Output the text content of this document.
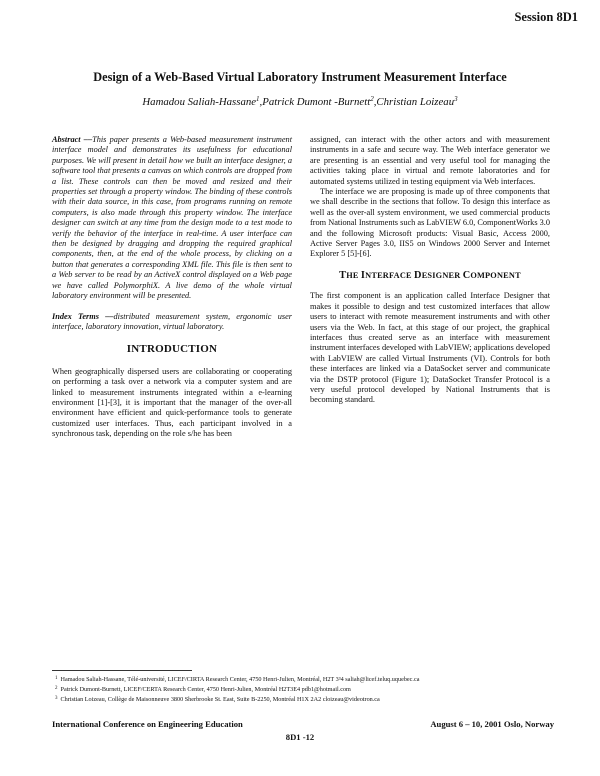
Session 8D1
Design of a Web-Based Virtual Laboratory Instrument Measurement Interface
Hamadou Saliah-Hassane$^1$,Patrick Dumont -Burnett$^2$,Christian Loizeau$^3$

Abstract ––This paper presents a Web-based measurement instrument interface model and demonstrates its usefulness for educational purposes. We will present in detail how we built an interface designer, a software tool that presents a canvas on which controls are dropped from a list. These controls can then be moved and resized and their properties set through a property window. The binding of these controls with their data source, in this case, from programs running on remote computers, is also made through this property window. The interface designer can switch at any time from the design mode to a test mode to verify the behavior of the interface in real-time. A user interface can then be designed by dragging and dropping the required graphical components, then, at the end of the whole process, by clicking on a button that generates a corresponding XML file. This file is then sent to a Web server to be read by an ActiveX control displayed on a Web page we have called PolymorphiX. A live demo of the whole virtual laboratory environment will be presented.

Index Terms ––distributed measurement system, ergonomic user interface, laboratory innovation, virtual laboratory.

INTRODUCTION

When geographically dispersed users are collaborating or cooperating on performing a task over a network via a computer system and are linked to measurement instruments integrated within a e-learning environment [1]-[3], it is important that the manager of the over-all environment have efficient and quick-performance tools to generate customized user interfaces. Thus, each participant involved in a synchronous task, depending on the role s/he has been

assigned, can interact with the other actors and with measurement instruments in a safe and secure way. The Web interface generator we are presenting is an essential and very useful tool for managing the activities taking place in virtual and remote laboratories and for automated systems utilized in testing equipment via Web interfaces.

The interface we are proposing is made up of three components that we shall describe in the sections that follow. To design this interface as well as the over-all system environment, we used commercial products from National Instruments such as LabVIEW 6.0, ComponentWorks 3.0 and the following Microsoft products: Visual Basic, Access 2000, Active Server Pages 3.0, IIS5 on Windows 2000 Server and Internet Explorer 5 [5]-[6].

THE INTERFACE DESIGNER COMPONENT

The first component is an application called Interface Designer that makes it possible to design and test customized interfaces that allow users to interact with remote measurement instruments and with other users via the Web. In fact, at this stage of our project, the graphical interfaces thus created serve as an interface with measurement instrument interfaces developed with LabVIEW; applications developed with LabVIEW are called Virtual Instruments (VI). Controls for both these interfaces are linked via a DataSocket server and communicate via the DSTP protocol (Figure 1); DataSocket Transfer Protocol is a very useful protocol developed by National Instruments that is becoming standard.

$^1$ Hamadou Saliah-Hassane, Télé-université, LICEF/CIRTA Research Center, 4750 Henri-Julien, Montréal, H2T 3³4 saliah@licef.teluq.uquebec.ca
$^2$ Patrick Dumont-Burnett, LICEF/CERTA Research Center, 4750 Henri-Julien, Montréal H2T3E4 pdb1@hotmail.com
$^3$ Christian Loizeau, Collège de Maisonneuve 3800 Sherbrooke St. East, Suite B-2250, Montréal H1X 2A2 cloizeau@videotron.ca
International Conference on Engineering Education	August 6 – 10, 2001 Oslo, Norway
8D1 -12
